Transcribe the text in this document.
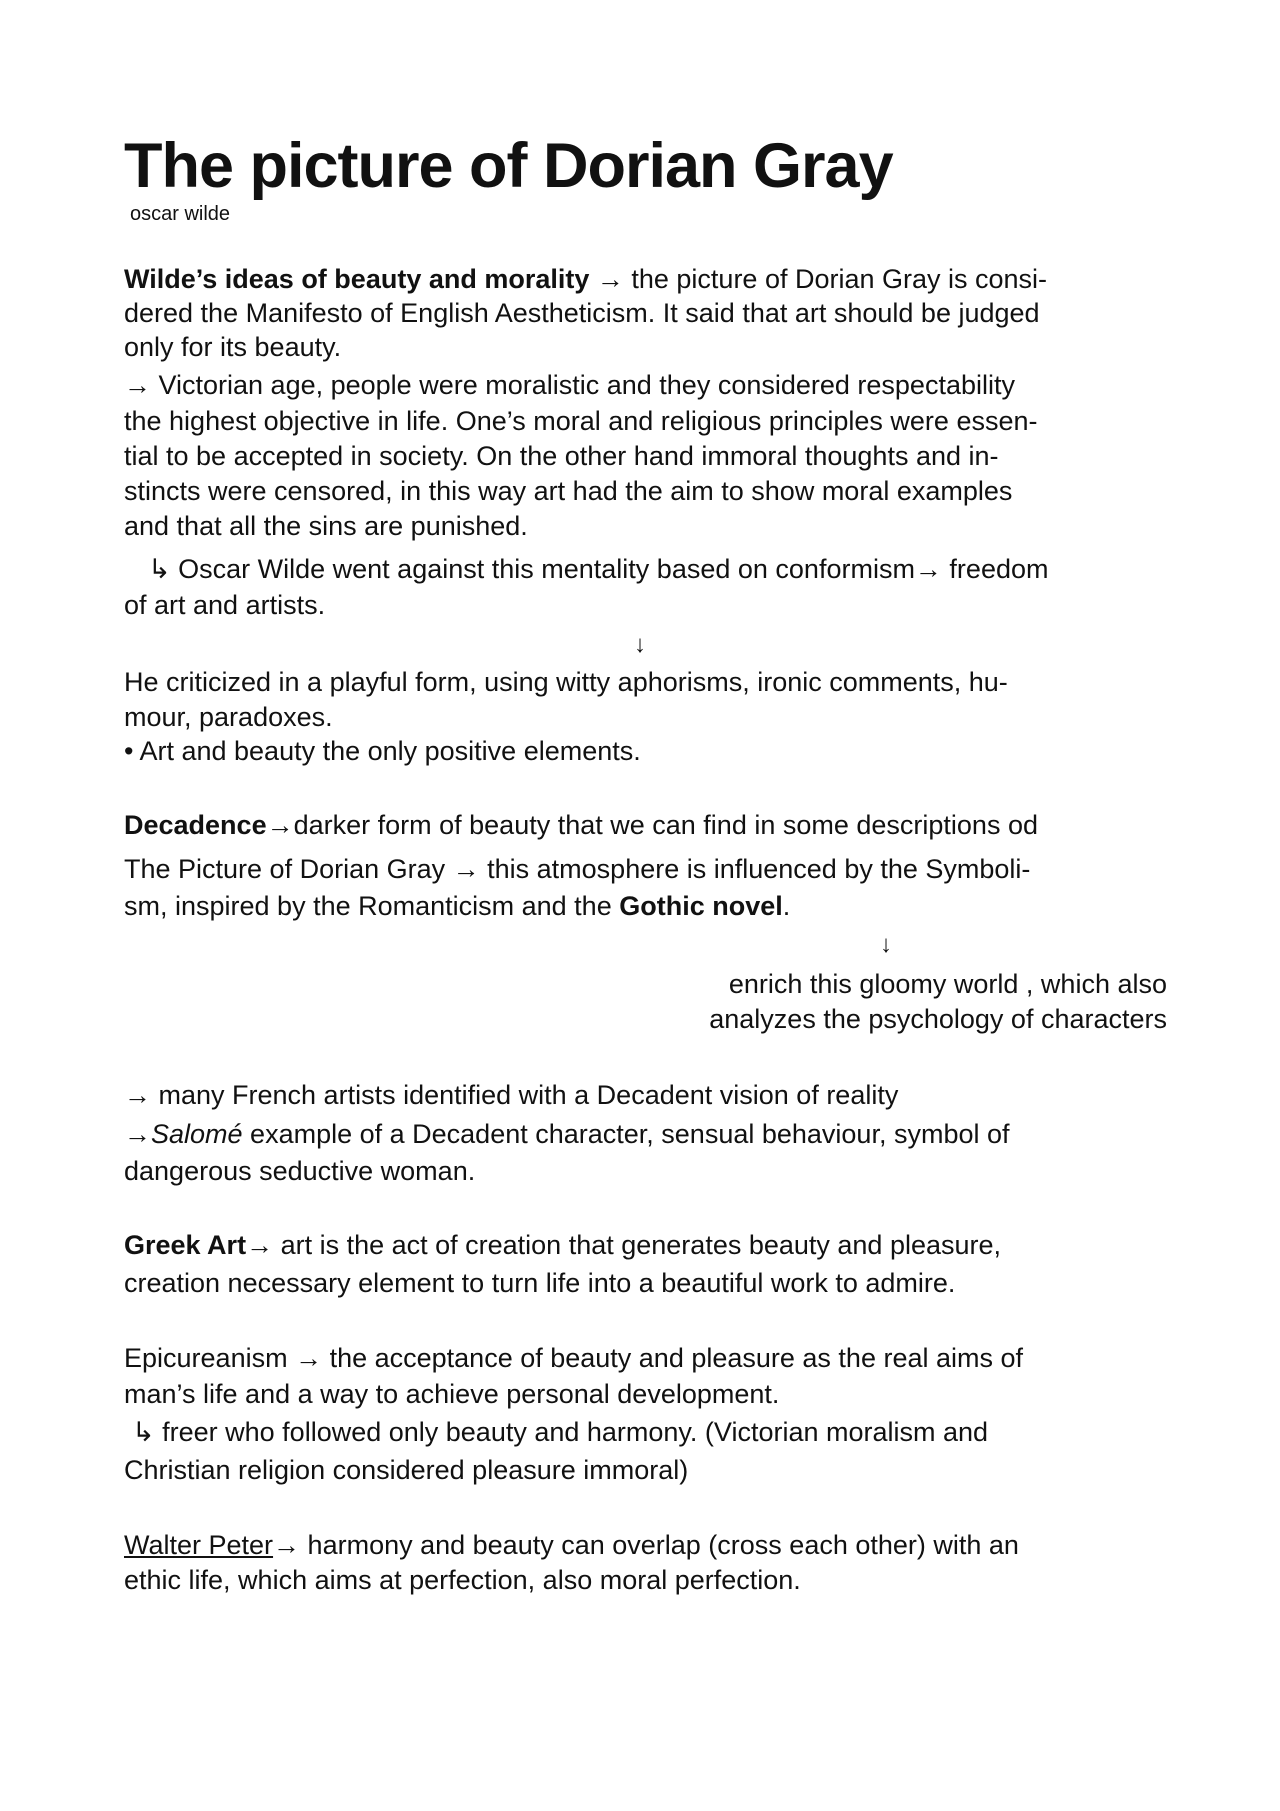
The picture of Dorian Gray
oscar wilde
Wilde’s ideas of beauty and morality → the picture of Dorian Gray is consi-
dered the Manifesto of English Aestheticism. It said that art should be judged
only for its beauty.
→ Victorian age, people were moralistic and they considered respectability
the highest objective in life. One’s moral and religious principles were essen-
tial to be accepted in society. On the other hand immoral thoughts and in-
stincts were censored, in this way art had the aim to show moral examples
and that all the sins are punished.
↳ Oscar Wilde went against this mentality based on conformism→ freedom
of art and artists.
↓
He criticized in a playful form, using witty aphorisms, ironic comments, hu-
mour, paradoxes.
• Art and beauty the only positive elements.
Decadence→darker form of beauty that we can find in some descriptions od
The Picture of Dorian Gray → this atmosphere is influenced by the Symboli-
sm, inspired by the Romanticism and the Gothic novel.
↓
enrich this gloomy world , which also
analyzes the psychology of characters
→ many French artists identified with a Decadent vision of reality
→Salomé example of a Decadent character, sensual behaviour, symbol of
dangerous seductive woman.
Greek Art→ art is the act of creation that generates beauty and pleasure,
creation necessary element to turn life into a beautiful work to admire.
Epicureanism → the acceptance of beauty and pleasure as the real aims of
man’s life and a way to achieve personal development.
↳ freer who followed only beauty and harmony. (Victorian moralism and
Christian religion considered pleasure immoral)
Walter Peter→ harmony and beauty can overlap (cross each other) with an
ethic life, which aims at perfection, also moral perfection.
